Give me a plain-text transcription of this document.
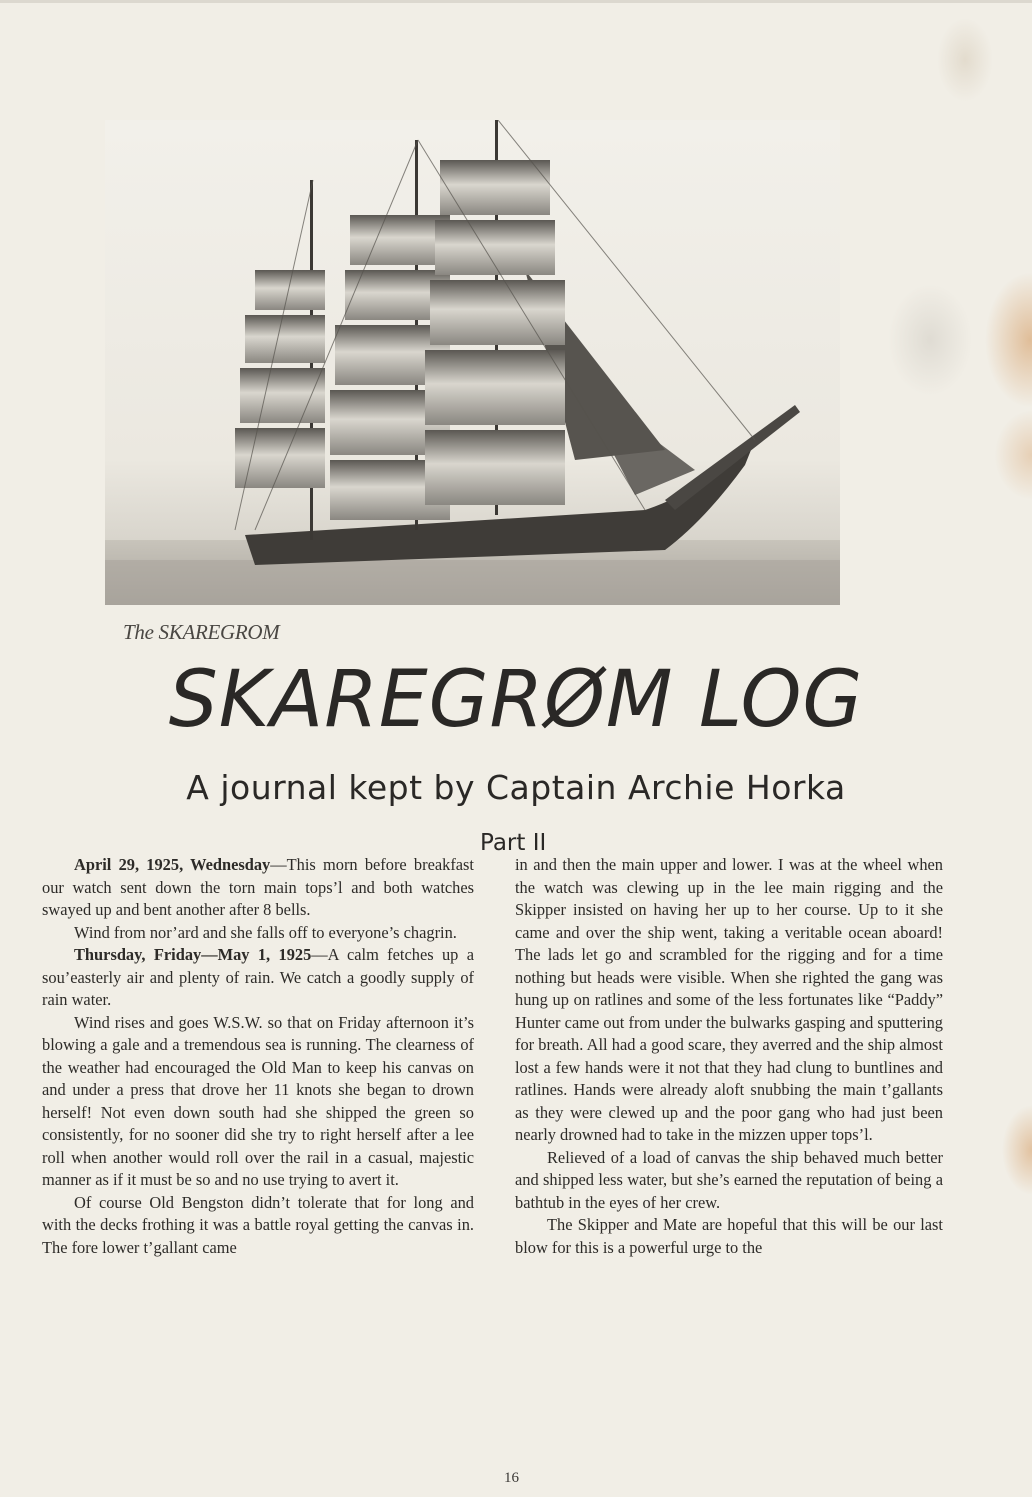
The SKAREGROM
SKAREGRØM LOG
A journal kept by Captain Archie Horka
Part II

April 29, 1925, Wednesday—This morn before breakfast our watch sent down the torn main tops’l and both watches swayed up and bent another after 8 bells.

Wind from nor’ard and she falls off to everyone’s chagrin.

Thursday, Friday—May 1, 1925—A calm fetches up a sou’easterly air and plenty of rain. We catch a goodly supply of rain water.

Wind rises and goes W.S.W. so that on Friday afternoon it’s blowing a gale and a tremendous sea is running. The clearness of the weather had encouraged the Old Man to keep his canvas on and under a press that drove her 11 knots she began to drown herself! Not even down south had she shipped the green so consistently, for no sooner did she try to right herself after a lee roll when another would roll over the rail in a casual, majestic manner as if it must be so and no use trying to avert it.

Of course Old Bengston didn’t tolerate that for long and with the decks frothing it was a battle royal getting the canvas in. The fore lower t’gallant came

in and then the main upper and lower. I was at the wheel when the watch was clewing up in the lee main rigging and the Skipper insisted on having her up to her course. Up to it she came and over the ship went, taking a veritable ocean aboard! The lads let go and scrambled for the rigging and for a time nothing but heads were visible. When she righted the gang was hung up on ratlines and some of the less fortunates like “Paddy” Hunter came out from under the bulwarks gasping and sputtering for breath. All had a good scare, they averred and the ship almost lost a few hands were it not that they had clung to buntlines and ratlines. Hands were already aloft snubbing the main t’gallants as they were clewed up and the poor gang who had just been nearly drowned had to take in the mizzen upper tops’l.

Relieved of a load of canvas the ship behaved much better and shipped less water, but she’s earned the reputation of being a bathtub in the eyes of her crew.

The Skipper and Mate are hopeful that this will be our last blow for this is a powerful urge to the

16
